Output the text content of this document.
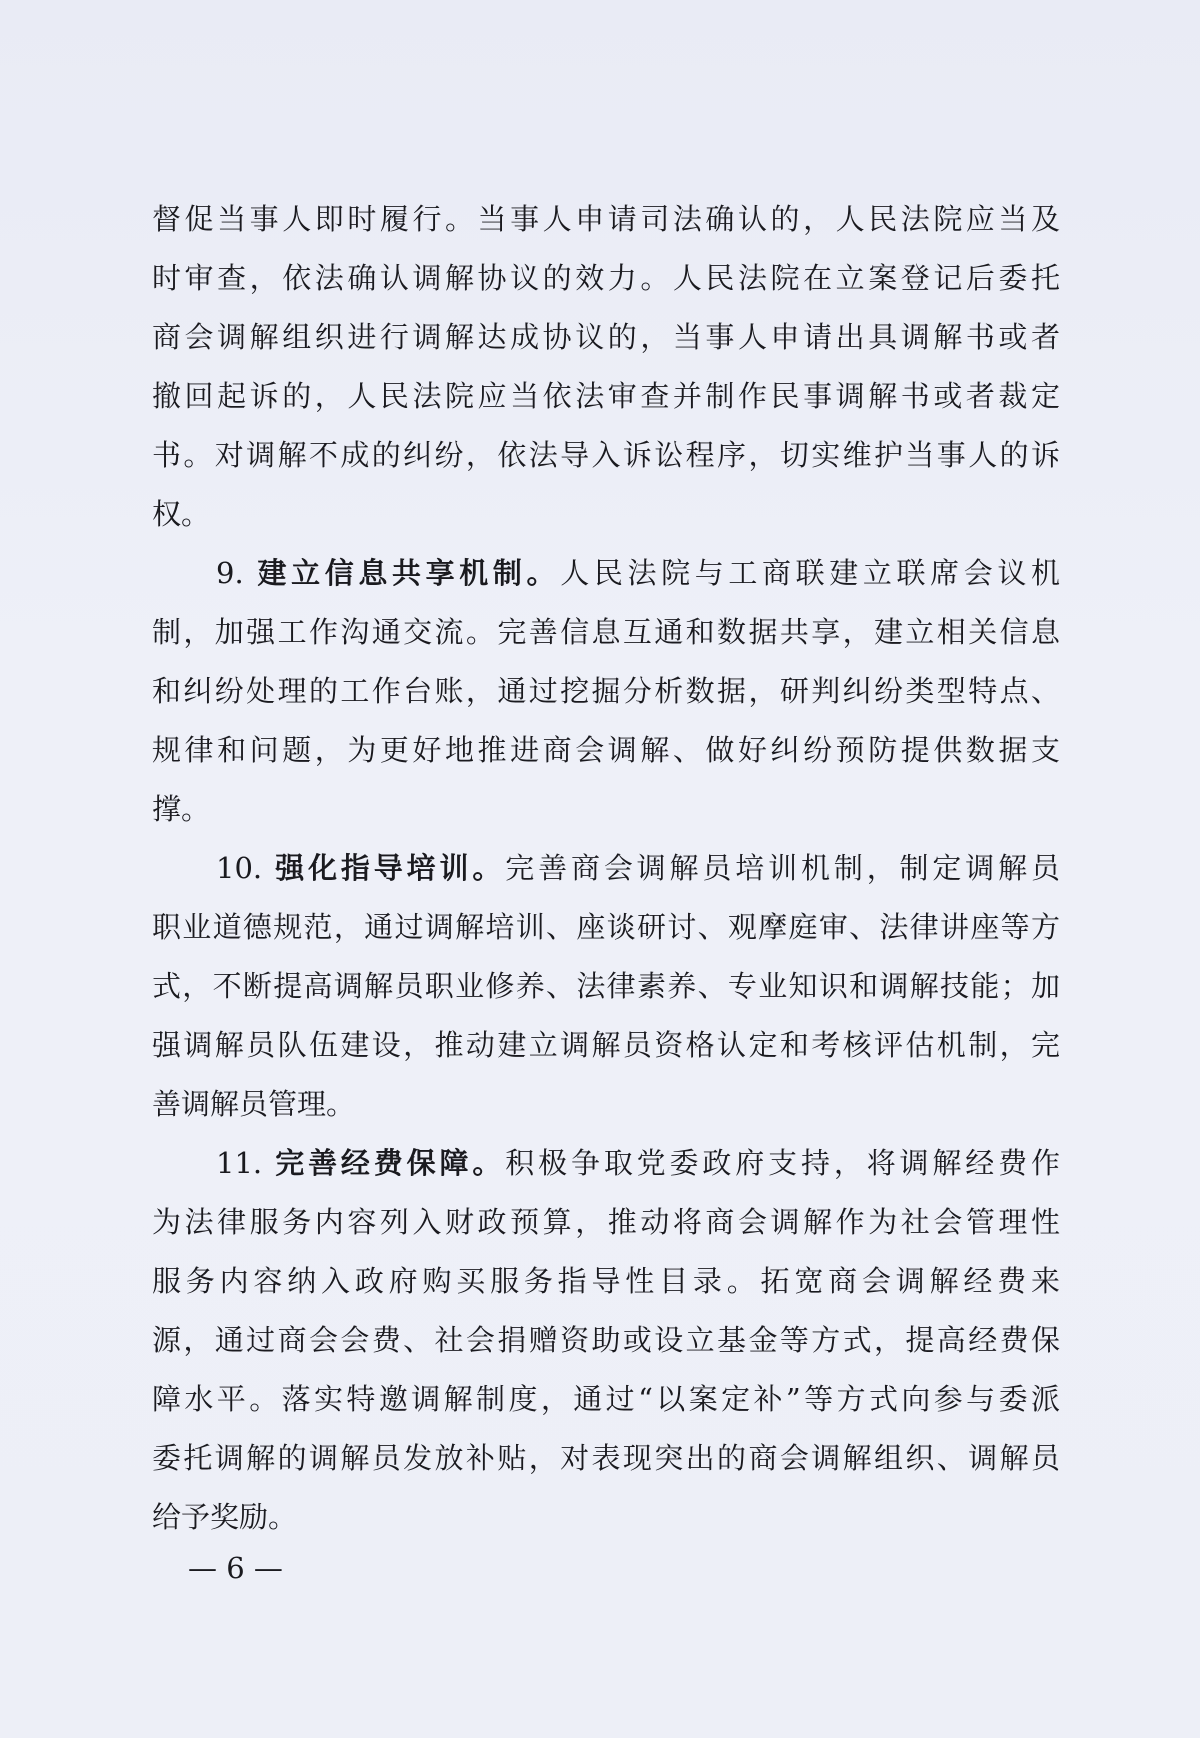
督促当事人即时履行。当事人申请司法确认的，人民法院应当及
时审查，依法确认调解协议的效力。人民法院在立案登记后委托
商会调解组织进行调解达成协议的，当事人申请出具调解书或者
撤回起诉的，人民法院应当依法审查并制作民事调解书或者裁定
书。对调解不成的纠纷，依法导入诉讼程序，切实维护当事人的诉
权。
9. 建立信息共享机制。人民法院与工商联建立联席会议机
制，加强工作沟通交流。完善信息互通和数据共享，建立相关信息
和纠纷处理的工作台账，通过挖掘分析数据，研判纠纷类型特点、
规律和问题，为更好地推进商会调解、做好纠纷预防提供数据支
撑。
10. 强化指导培训。完善商会调解员培训机制，制定调解员
职业道德规范，通过调解培训、座谈研讨、观摩庭审、法律讲座等方
式，不断提高调解员职业修养、法律素养、专业知识和调解技能；加
强调解员队伍建设，推动建立调解员资格认定和考核评估机制，完
善调解员管理。
11. 完善经费保障。积极争取党委政府支持，将调解经费作
为法律服务内容列入财政预算，推动将商会调解作为社会管理性
服务内容纳入政府购买服务指导性目录。拓宽商会调解经费来
源，通过商会会费、社会捐赠资助或设立基金等方式，提高经费保
障水平。落实特邀调解制度，通过“以案定补”等方式向参与委派
委托调解的调解员发放补贴，对表现突出的商会调解组织、调解员
给予奖励。
— 6 —
